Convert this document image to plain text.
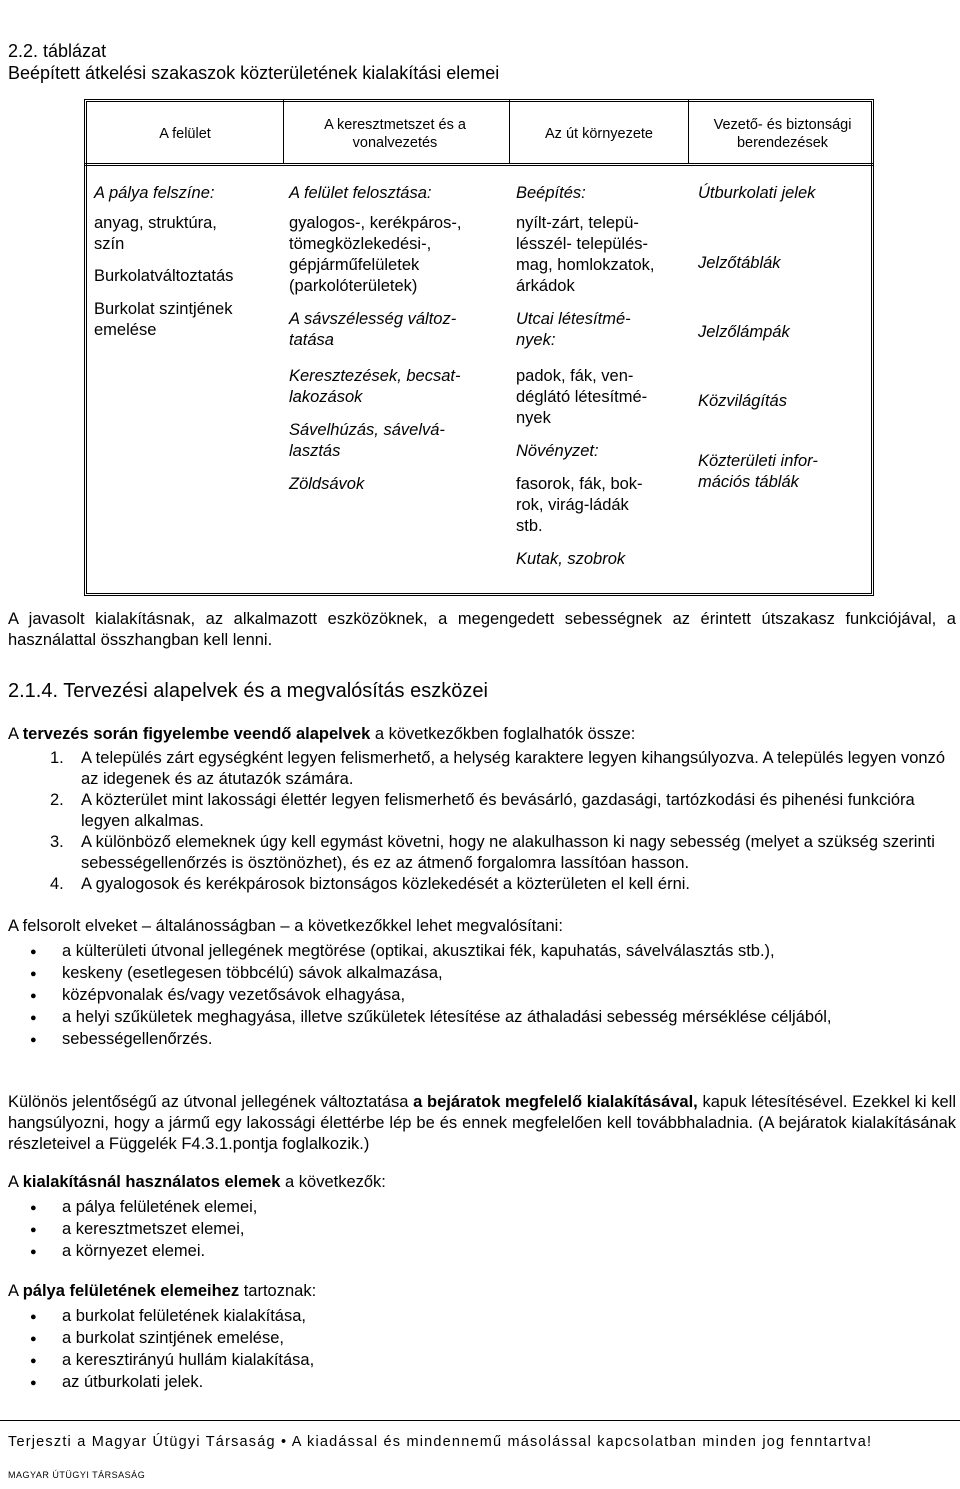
2.2. táblázat
Beépített átkelési szakaszok közterületének kialakítási elemei
A felület
A keresztmetszet és a vonalvezetés
Az út környezete
Vezető- és biztonsági berendezések

A pálya felszíne:

anyag, struktúra,

szín

Burkolatváltoztatás

Burkolat szintjének

emelése

A felület felosztása:

gyalogos-, kerékpáros-,

tömegközlekedési-,

gépjárműfelületek

(parkolóterületek)

A sávszélesség változ-

tatása

Keresztezések, becsat-

lakozások

Sávelhúzás, sávelvá-

lasztás

Zöldsávok

Beépítés:

nyílt-zárt, telepü-

lésszél- település-

mag, homlokzatok,

árkádok

Utcai létesítmé-

nyek:

padok, fák, ven-

déglátó létesítmé-

nyek

Növényzet:

fasorok, fák, bok-

rok, virág-ládák

stb.

Kutak, szobrok

Útburkolati jelek

Jelzőtáblák

Jelzőlámpák

Közvilágítás

Közterületi infor-

mációs táblák

A javasolt kialakításnak, az alkalmazott eszközöknek, a megengedett sebességnek az érintett útszakasz funkciójával, a használattal összhangban kell lenni.

2.1.4. Tervezési alapelvek és a megvalósítás eszközei

A tervezés során figyelembe veendő alapelvek a következőkben foglalhatók össze:

1. A település zárt egységként legyen felismerhető, a helység karaktere legyen kihangsúlyozva. A település legyen vonzó az idegenek és az átutazók számára.
2. A közterület mint lakossági élettér legyen felismerhető és bevásárló, gazdasági, tartózkodási és pihenési funkcióra legyen alkalmas.
3. A különböző elemeknek úgy kell egymást követni, hogy ne alakulhasson ki nagy sebesség (melyet a szükség szerinti sebességellenőrzés is ösztönözhet), és ez az átmenő forgalomra lassítóan hasson.
4. A gyalogosok és kerékpárosok biztonságos közlekedését a közterületen el kell érni.

A felsorolt elveket – általánosságban – a következőkkel lehet megvalósítani:

● a külterületi útvonal jellegének megtörése (optikai, akusztikai fék, kapuhatás, sávelválasztás stb.),
● keskeny (esetlegesen többcélú) sávok alkalmazása,
● középvonalak és/vagy vezetősávok elhagyása,
● a helyi szűkületek meghagyása, illetve szűkületek létesítése az áthaladási sebesség mérséklése céljából,
● sebességellenőrzés.

Különös jelentőségű az útvonal jellegének változtatása a bejáratok megfelelő kialakításával, kapuk létesítésével. Ezekkel ki kell hangsúlyozni, hogy a jármű egy lakossági élettérbe lép be és ennek megfelelően kell továbbhaladnia. (A bejáratok kialakításának részleteivel a Függelék F4.3.1.pontja foglalkozik.)

A kialakításnál használatos elemek a következők:

● a pálya felületének elemei,
● a keresztmetszet elemei,
● a környezet elemei.

A pálya felületének elemeihez tartoznak:

● a burkolat felületének kialakítása,
● a burkolat szintjének emelése,
● a keresztirányú hullám kialakítása,
● az útburkolati jelek.
Terjeszti a Magyar Útügyi Társaság • A kiadással és mindennemű másolással kapcsolatban minden jog fenntartva!
MAGYAR ÚTÜGYI TÁRSASÁG
